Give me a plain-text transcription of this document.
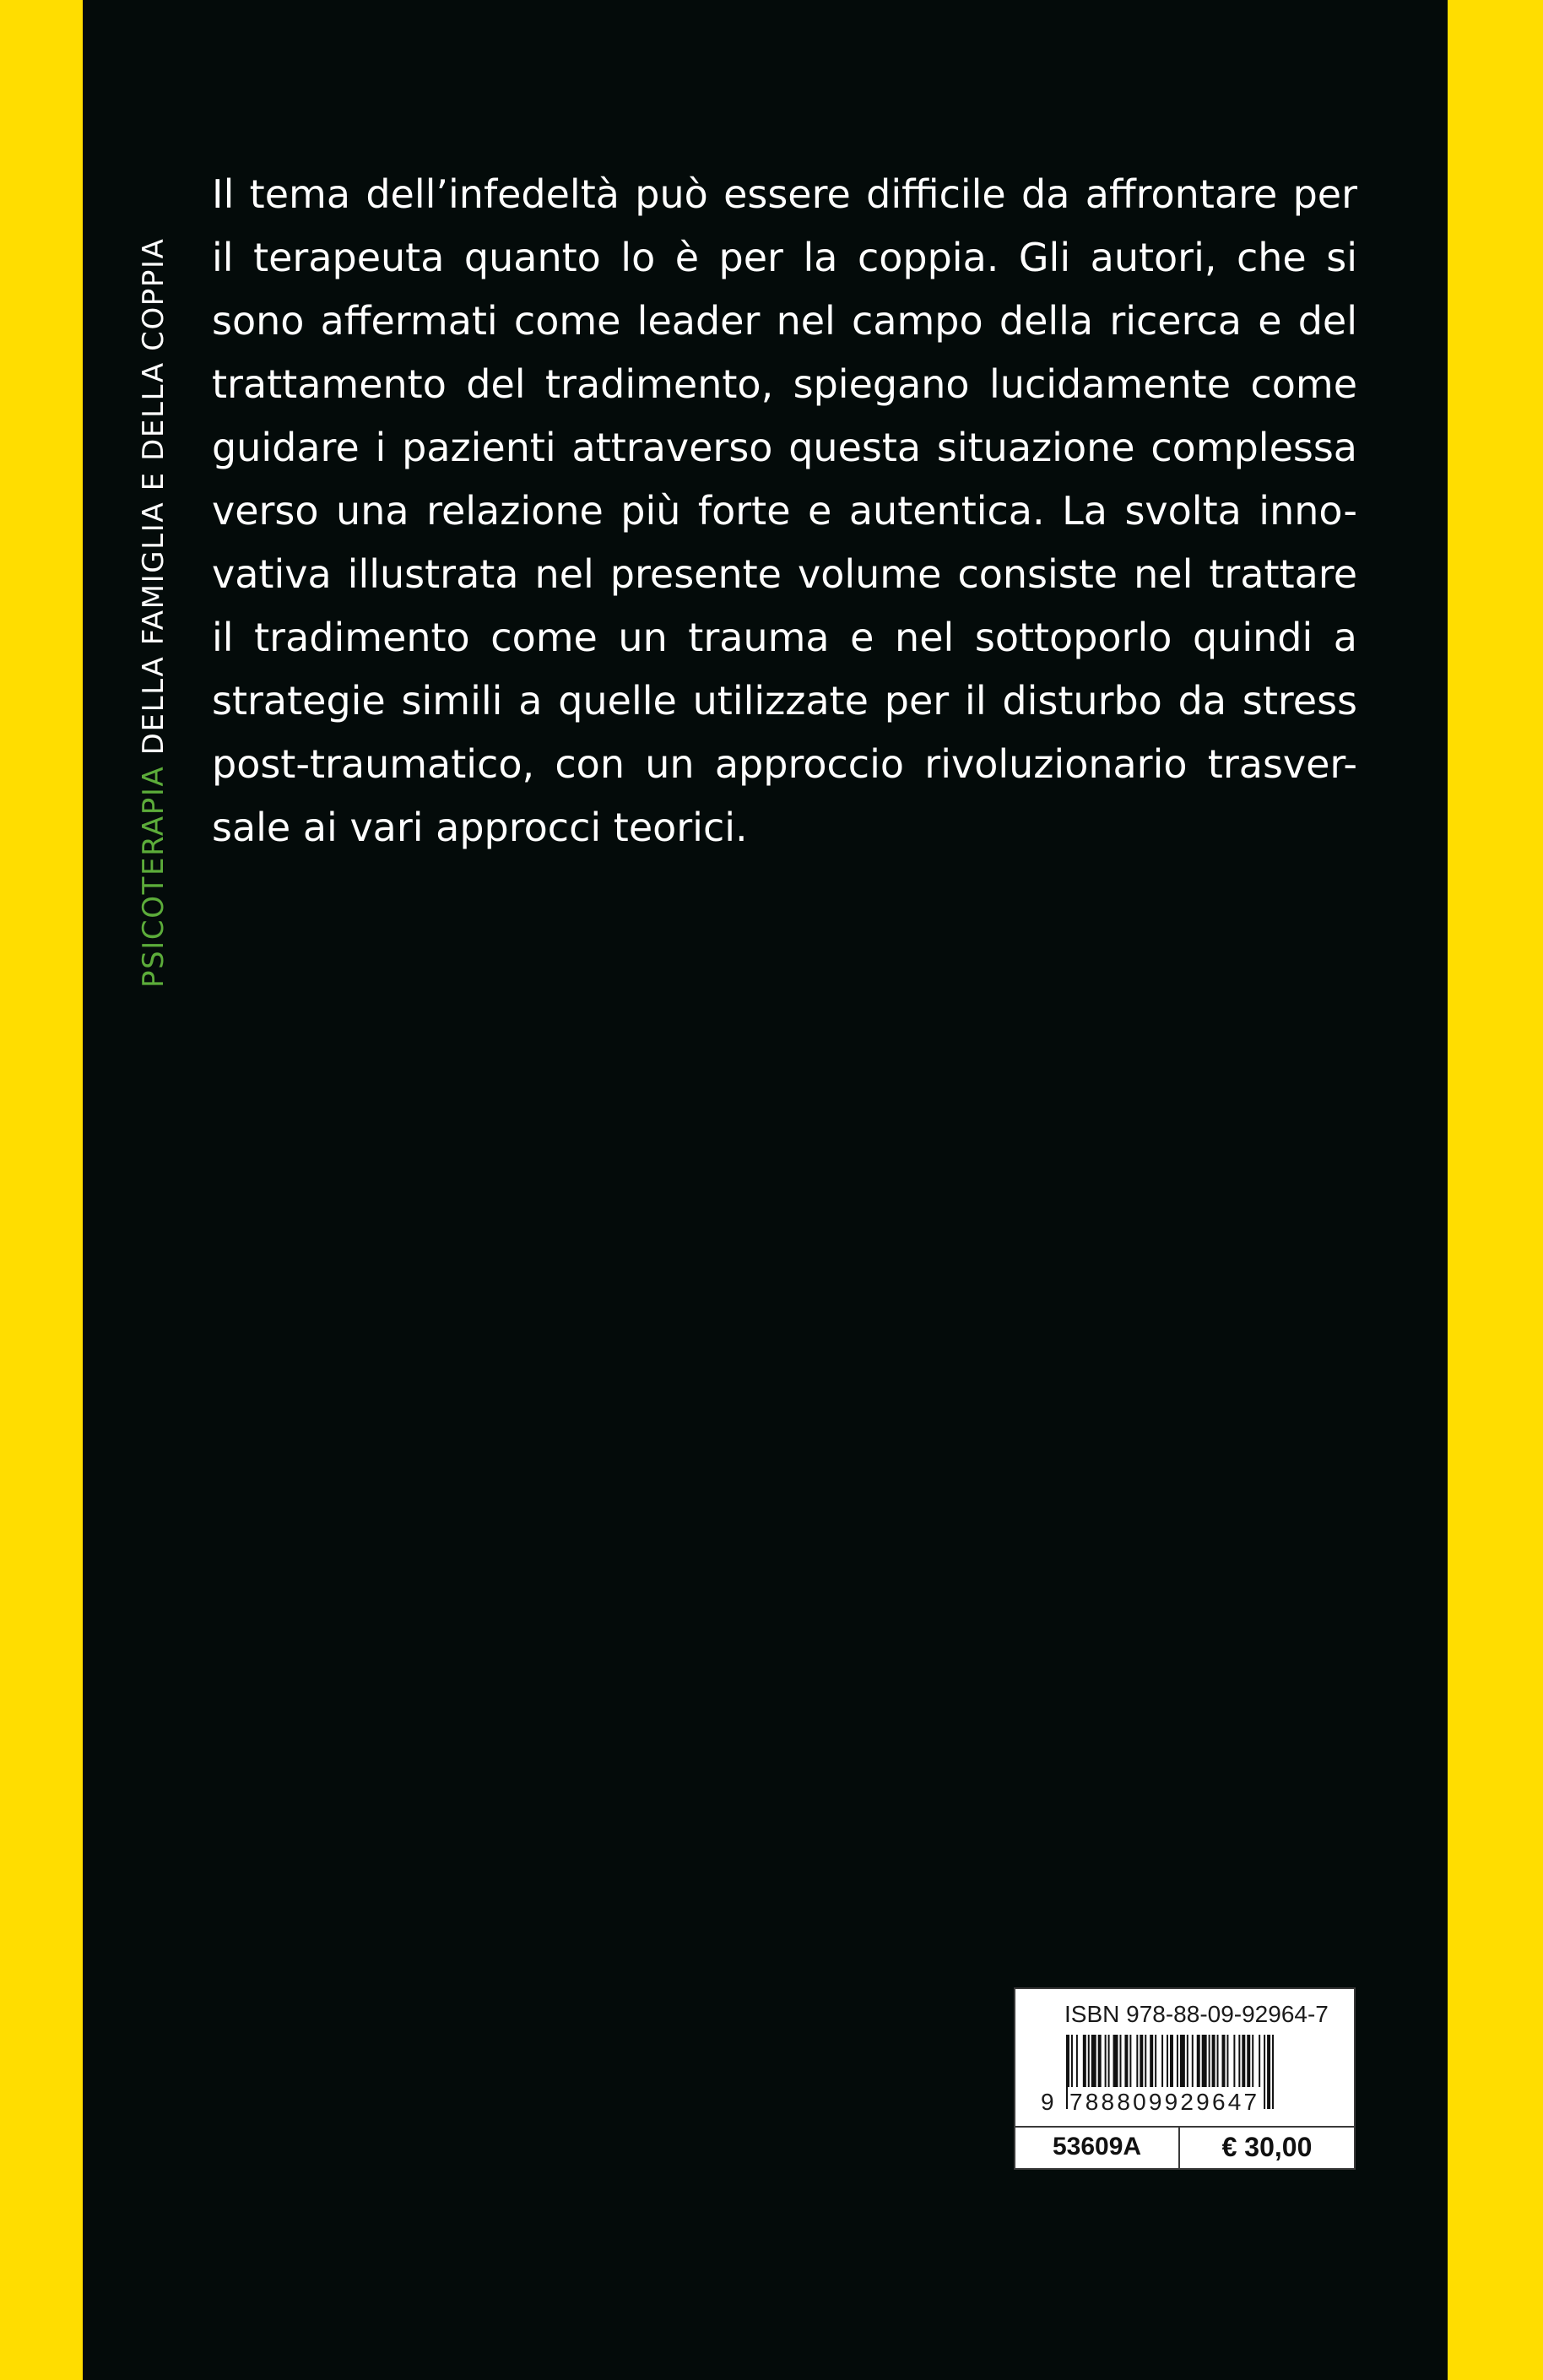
PSICOTERAPIA DELLA FAMIGLIA E DELLA COPPIA

Il tema dell’infedeltà può essere difficile da affrontare per
il terapeuta quanto lo è per la coppia. Gli autori, che si
sono affermati come leader nel campo della ricerca e del
trattamento del tradimento, spiegano lucidamente come
guidare i pazienti attraverso questa situazione complessa
verso una relazione più forte e autentica. La svolta inno-
vativa illustrata nel presente volume consiste nel trattare
il tradimento come un trauma e nel sottoporlo quindi a
strategie simili a quelle utilizzate per il disturbo da stress
post-traumatico, con un approccio rivoluzionario trasver-
sale ai vari approcci teorici.

ISBN 978-88-09-92964-7
9 788809929647
53609A	€ 30,00
